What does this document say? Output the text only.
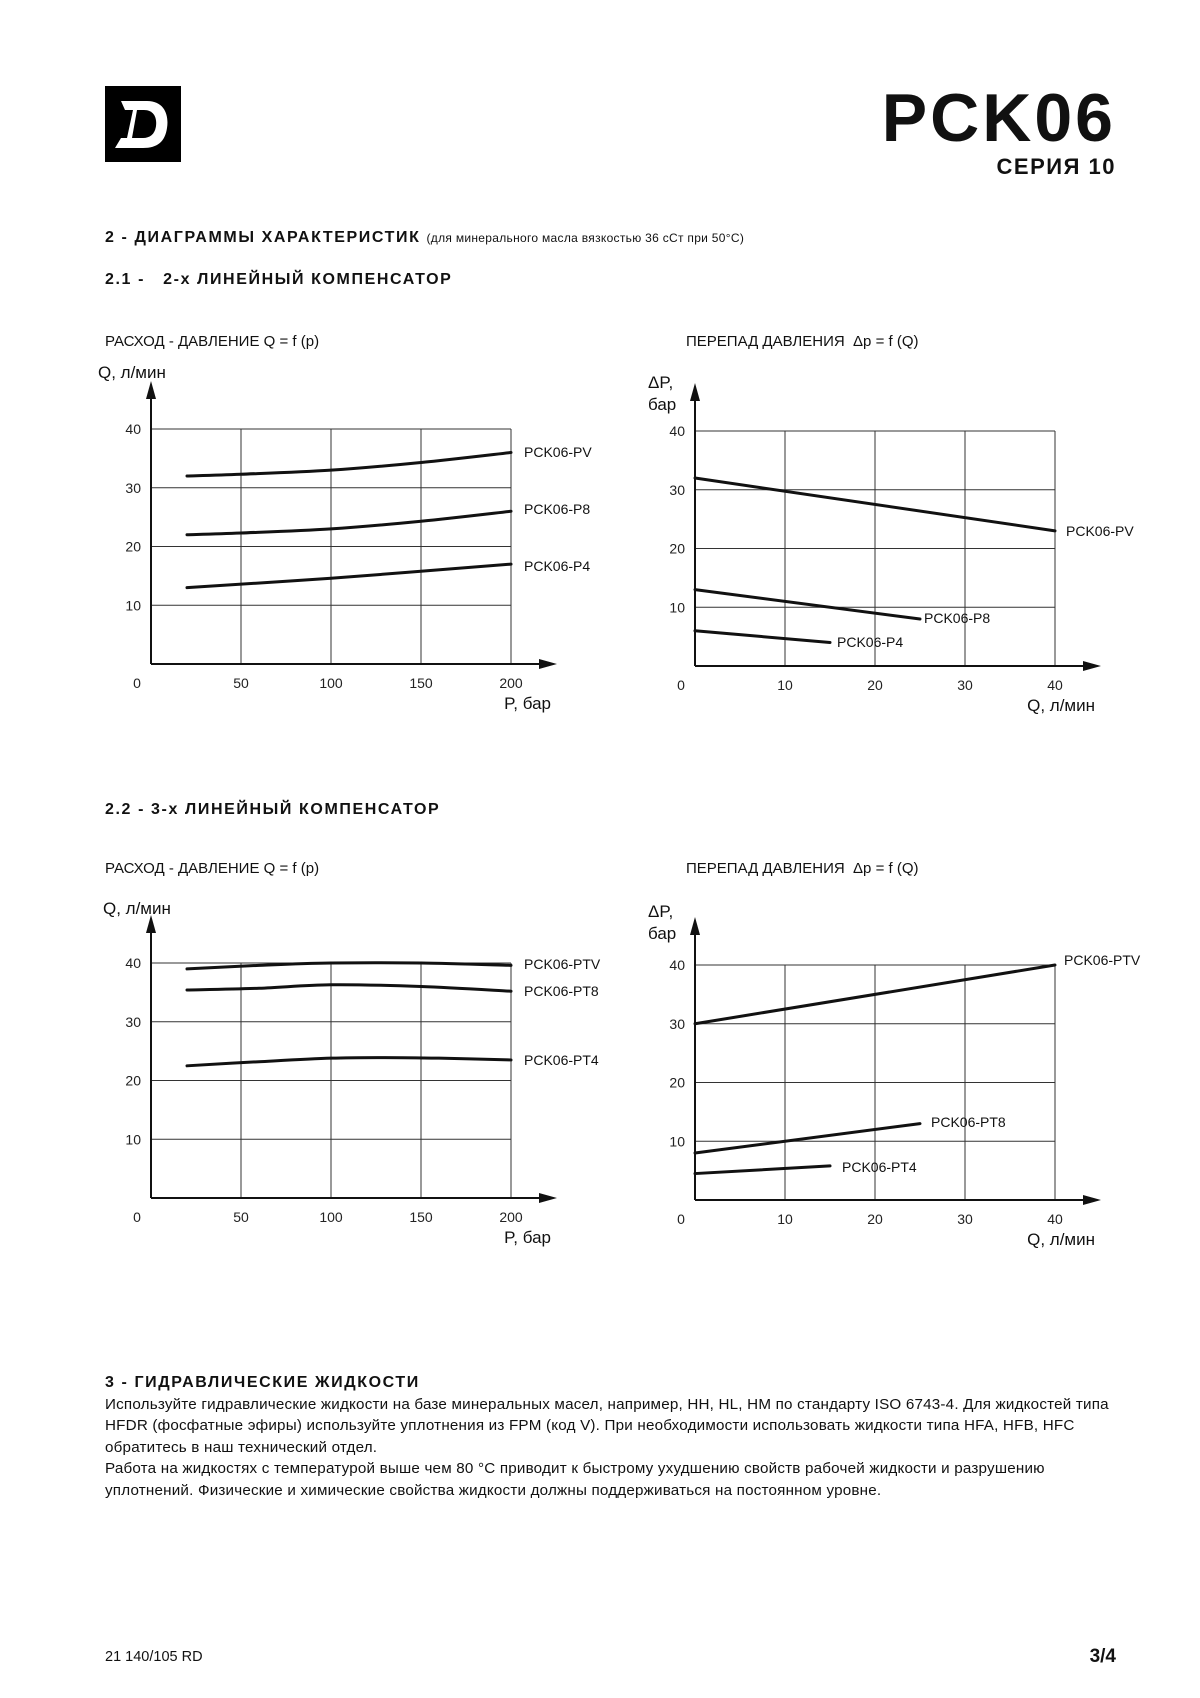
PCK06
СЕРИЯ 10
2 - ДИАГРАММЫ ХАРАКТЕРИСТИК (для минерального масла вязкостью 36 сСт при 50°С)
2.1 -   2-х ЛИНЕЙНЫЙ КОМПЕНСАТОР
РАСХОД - ДАВЛЕНИЕ Q = f (p)	ПЕРЕПАД ДАВЛЕНИЯ  Δp = f (Q)
0	50	100	150	200
10
20
30
40
P, бар
Q, л/мин
PCK06-PV
PCK06-P8
PCK06-P4
0	10	20	30	40
10
20
30
40
Q, л/мин
ΔP,
бар
PCK06-PV
PCK06-P8
PCK06-P4
2.2 - 3-х ЛИНЕЙНЫЙ КОМПЕНСАТОР
РАСХОД - ДАВЛЕНИЕ Q = f (p)	ПЕРЕПАД ДАВЛЕНИЯ  Δp = f (Q)
0	50	100	150	200
10
20
30
40
P, бар
Q, л/мин
PCK06-PTV
PCK06-PT8
PCK06-PT4
0	10	20	30	40
10
20
30
40
Q, л/мин
ΔP,
бар
PCK06-PTV
PCK06-PT8
PCK06-PT4
3 - ГИДРАВЛИЧЕСКИЕ ЖИДКОСТИ

Используйте гидравлические жидкости на базе минеральных масел, например, HH, HL, HM по стандарту ISO 6743-4. Для жидкостей типа HFDR (фосфатные эфиры) используйте уплотнения из FPM (код V). При необходимости использовать жидкости типа HFA, HFB, HFC обратитесь в наш технический отдел.

Работа на жидкостях с температурой выше чем 80 °С приводит к быстрому ухудшению свойств рабочей жидкости и разрушению уплотнений. Физические и химические свойства жидкости должны поддерживаться на постоянном уровне.

21 140/105 RD	3/4
